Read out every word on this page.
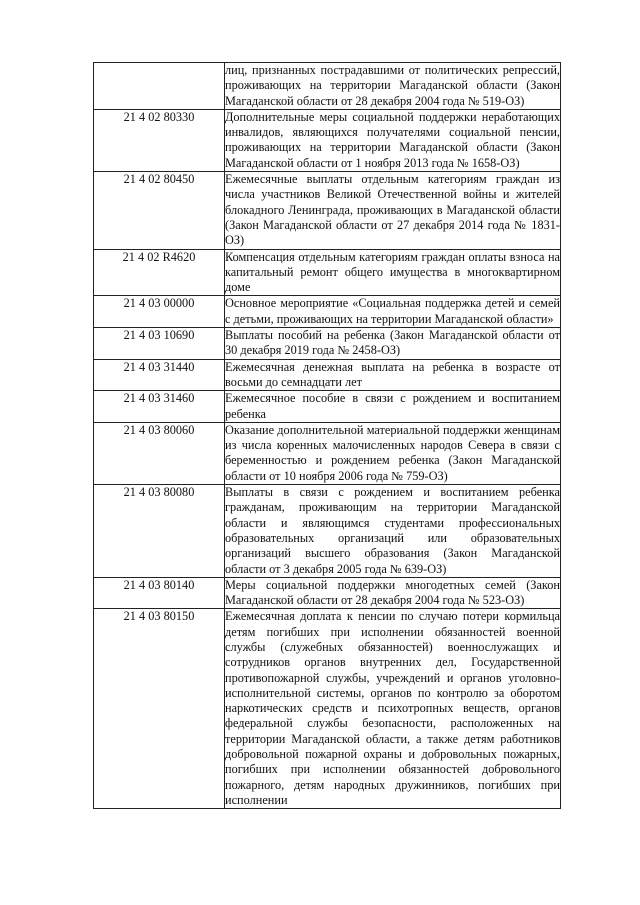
	лиц, признанных пострадавшими от политических репрессий, проживающих на территории Магаданской области (Закон Магаданской области от 28 декабря 2004 года № 519-ОЗ)
21 4 02 80330	Дополнительные меры социальной поддержки неработающих инвалидов, являющихся получателями социальной пенсии, проживающих на территории Магаданской области (Закон Магаданской области от 1 ноября 2013 года № 1658-ОЗ)
21 4 02 80450	Ежемесячные выплаты отдельным категориям граждан из числа участников Великой Отечественной войны и жителей блокадного Ленинграда, проживающих в Магаданской области (Закон Магаданской области от 27 декабря 2014 года № 1831-ОЗ)
21 4 02 R4620	Компенсация отдельным категориям граждан оплаты взноса на капитальный ремонт общего имущества в многоквартирном доме
21 4 03 00000	Основное мероприятие «Социальная поддержка детей и семей с детьми, проживающих на территории Магаданской области»
21 4 03 10690	Выплаты пособий на ребенка (Закон Магаданской области от 30 декабря 2019 года № 2458-ОЗ)
21 4 03 31440	Ежемесячная денежная выплата на ребенка в возрасте от восьми до семнадцати лет
21 4 03 31460	Ежемесячное пособие в связи с рождением и воспитанием ребенка
21 4 03 80060	Оказание дополнительной материальной поддержки женщинам из числа коренных малочисленных народов Севера в связи с беременностью и рождением ребенка (Закон Магаданской области от 10 ноября 2006 года № 759-ОЗ)
21 4 03 80080	Выплаты в связи с рождением и воспитанием ребенка гражданам, проживающим на территории Магаданской области и являющимся студентами профессиональных образовательных организаций или образовательных организаций высшего образования (Закон Магаданской области от 3 декабря 2005 года № 639-ОЗ)
21 4 03 80140	Меры социальной поддержки многодетных семей (Закон Магаданской области от 28 декабря 2004 года № 523-ОЗ)
21 4 03 80150	Ежемесячная доплата к пенсии по случаю потери кормильца детям погибших при исполнении обязанностей военной службы (служебных обязанностей) военнослужащих и сотрудников органов внутренних дел, Государственной противопожарной службы, учреждений и органов уголовно-исполнительной системы, органов по контролю за оборотом наркотических средств и психотропных веществ, органов федеральной службы безопасности, расположенных на территории Магаданской области, а также детям работников добровольной пожарной охраны и добровольных пожарных, погибших при исполнении обязанностей добровольного пожарного, детям народных дружинников, погибших при исполнении
